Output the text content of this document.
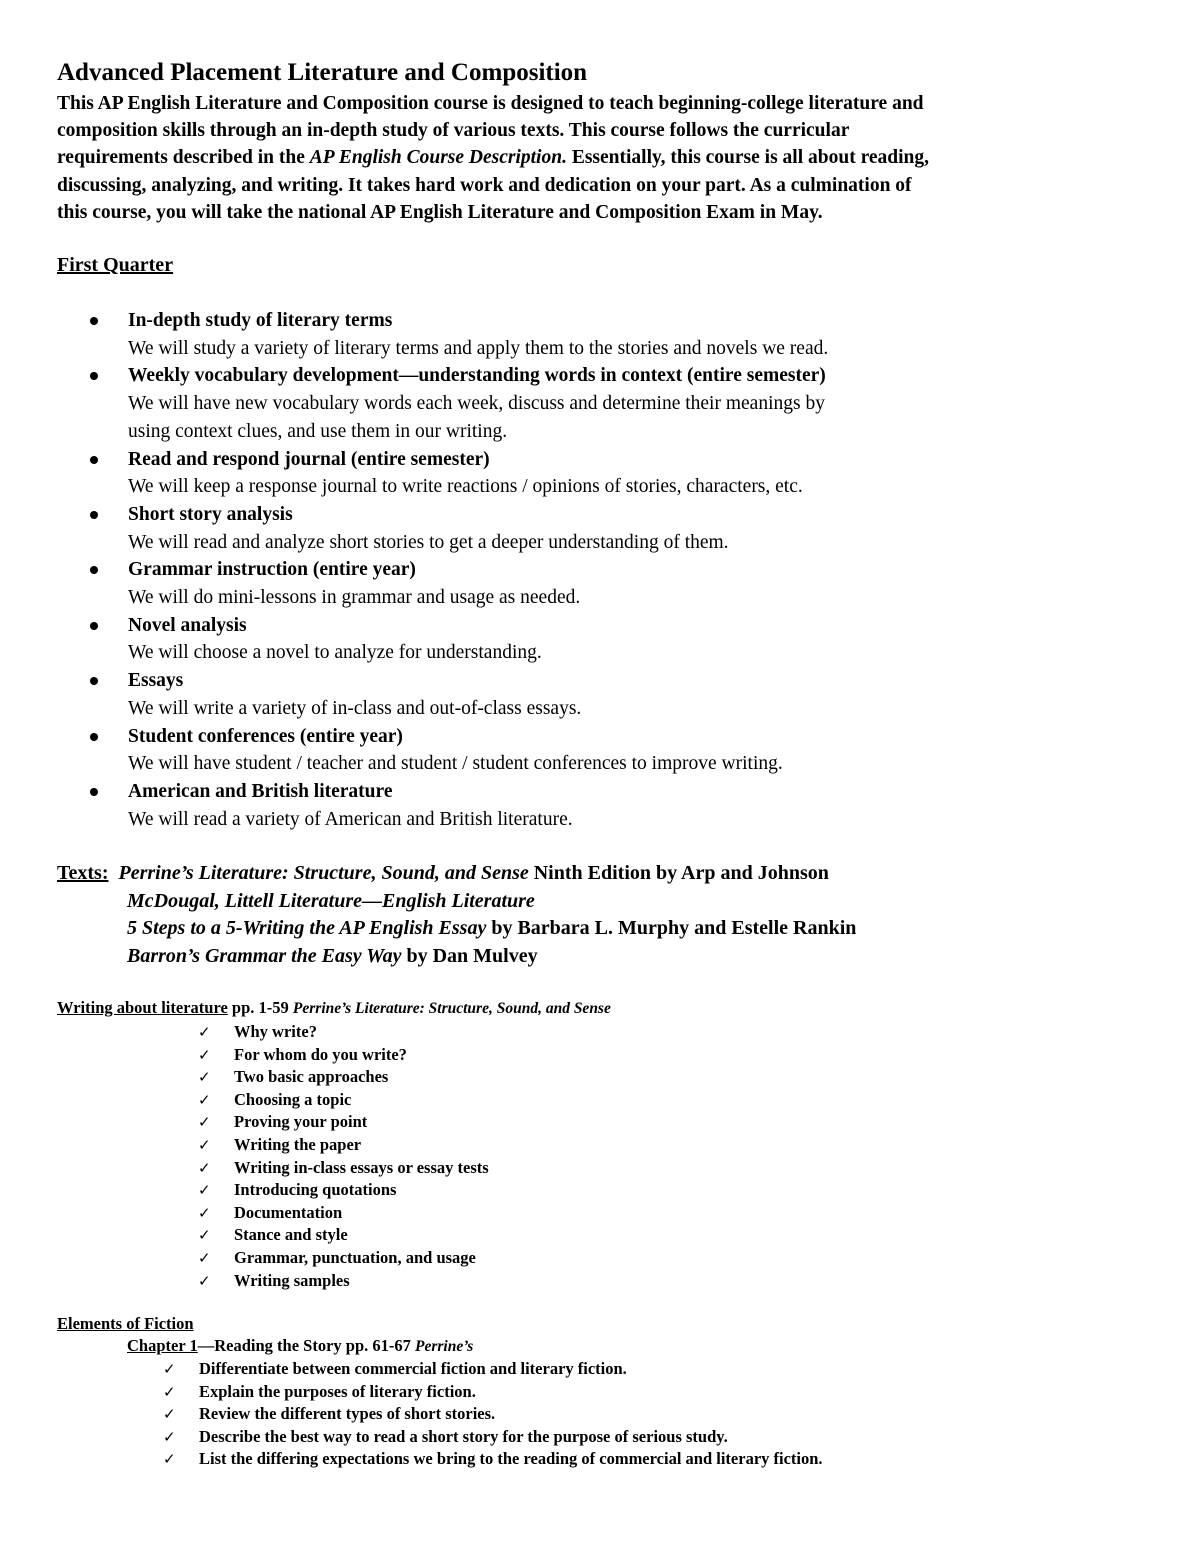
Advanced Placement Literature and Composition
This AP English Literature and Composition course is designed to teach beginning-college literature and
composition skills through an in-depth study of various texts. This course follows the curricular
requirements described in the AP English Course Description. Essentially, this course is all about reading,
discussing, analyzing, and writing. It takes hard work and dedication on your part. As a culmination of
this course, you will take the national AP English Literature and Composition Exam in May.
First Quarter
In-depth study of literary terms
We will study a variety of literary terms and apply them to the stories and novels we read.
Weekly vocabulary development—understanding words in context (entire semester)
We will have new vocabulary words each week, discuss and determine their meanings by
using context clues, and use them in our writing.
Read and respond journal (entire semester)
We will keep a response journal to write reactions / opinions of stories, characters, etc.
Short story analysis
We will read and analyze short stories to get a deeper understanding of them.
Grammar instruction (entire year)
We will do mini-lessons in grammar and usage as needed.
Novel analysis
We will choose a novel to analyze for understanding.
Essays
We will write a variety of in-class and out-of-class essays.
Student conferences (entire year)
We will have student / teacher and student / student conferences to improve writing.
American and British literature
We will read a variety of American and British literature.
Texts: Perrine’s Literature: Structure, Sound, and Sense Ninth Edition by Arp and Johnson
McDougal, Littell Literature—English Literature
5 Steps to a 5-Writing the AP English Essay by Barbara L. Murphy and Estelle Rankin
Barron’s Grammar the Easy Way by Dan Mulvey
Writing about literature pp. 1-59 Perrine’s Literature: Structure, Sound, and Sense
✓ Why write?
✓ For whom do you write?
✓ Two basic approaches
✓ Choosing a topic
✓ Proving your point
✓ Writing the paper
✓ Writing in-class essays or essay tests
✓ Introducing quotations
✓ Documentation
✓ Stance and style
✓ Grammar, punctuation, and usage
✓ Writing samples
Elements of Fiction
Chapter 1—Reading the Story pp. 61-67 Perrine’s
✓ Differentiate between commercial fiction and literary fiction.
✓ Explain the purposes of literary fiction.
✓ Review the different types of short stories.
✓ Describe the best way to read a short story for the purpose of serious study.
✓ List the differing expectations we bring to the reading of commercial and literary fiction.
